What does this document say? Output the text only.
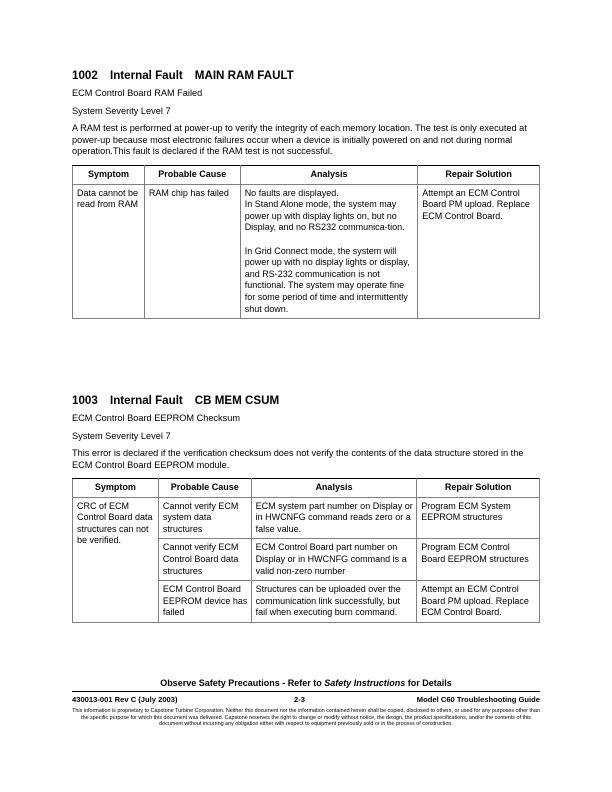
1002 Internal Fault MAIN RAM FAULT

ECM Control Board RAM Failed

System Severity Level 7

A RAM test is performed at power-up to verify the integrity of each memory location. The test is only executed at power-up because most electronic failures occur when a device is initially powered on and not during normal operation.This fault is declared if the RAM test is not successful.

Symptom	Probable Cause	Analysis	Repair Solution
Data cannot be read from RAM	RAM chip has failed	No faults are displayed.
In Stand Alone mode, the system may power up with display lights on, but no Display, and no RS232 communica-tion.
In Grid Connect mode, the system will power up with no display lights or display, and RS-232 communication is not functional. The system may operate fine for some period of time and intermittently shut down.	Attempt an ECM Control Board PM upload. Replace ECM Control Board.
1003 Internal Fault CB MEM CSUM

ECM Control Board EEPROM Checksum

System Severity Level 7

This error is declared if the verification checksum does not verify the contents of the data structure stored in the ECM Control Board EEPROM module.

Symptom	Probable Cause	Analysis	Repair Solution
CRC of ECM Control Board data structures can not be verified.	Cannot verify ECM system data structures	ECM system part number on Display or in HWCNFG command reads zero or a false value.	Program ECM System EEPROM structures
	Cannot verify ECM Control Board data structures	ECM Control Board part number on Display or in HWCNFG command is a valid non-zero number	Program ECM Control Board EEPROM structures
	ECM Control Board EEPROM device has failed	Structures can be uploaded over the communication link successfully, but fail when executing burn command.	Attempt an ECM Control Board PM upload. Replace ECM Control Board.

Observe Safety Precautions - Refer to Safety Instructions for Details

430013-001 Rev C (July 2003)	2-3	Model C60 Troubleshooting Guide

This information is proprietary to Capstone Turbine Corporation. Neither this document nor the information contained herein shall be copied, disclosed to others, or used for any purposes other than the specific purpose for which this document was delivered. Capstone reserves the right to change or modify without notice, the design, the product specifications, and/or the contents of this document without incurring any obligation either with respect to equipment previously sold or in the process of construction.
